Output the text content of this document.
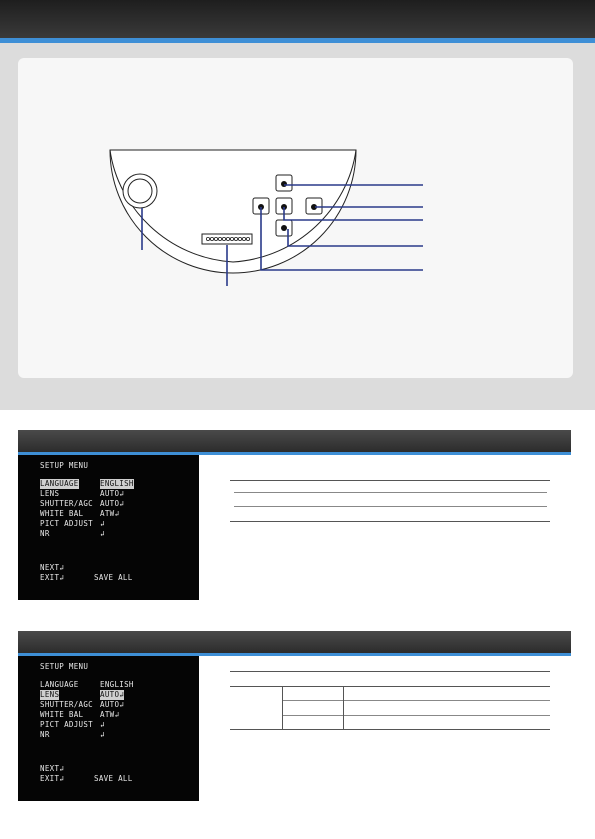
SETUP MENU
LANGUAGE	ENGLISH
LENS	AUTO↲
SHUTTER/AGC AUTO↲
WHITE BAL ATW↲
PICT ADJUST ↲
NR	↲
NEXT↲
EXIT↲	SAVE ALL
SETUP MENU
LANGUAGE	ENGLISH
LENS	AUTO↲
SHUTTER/AGC AUTO↲
WHITE BAL ATW↲
PICT ADJUST ↲
NR	↲
NEXT↲
EXIT↲	SAVE ALL
